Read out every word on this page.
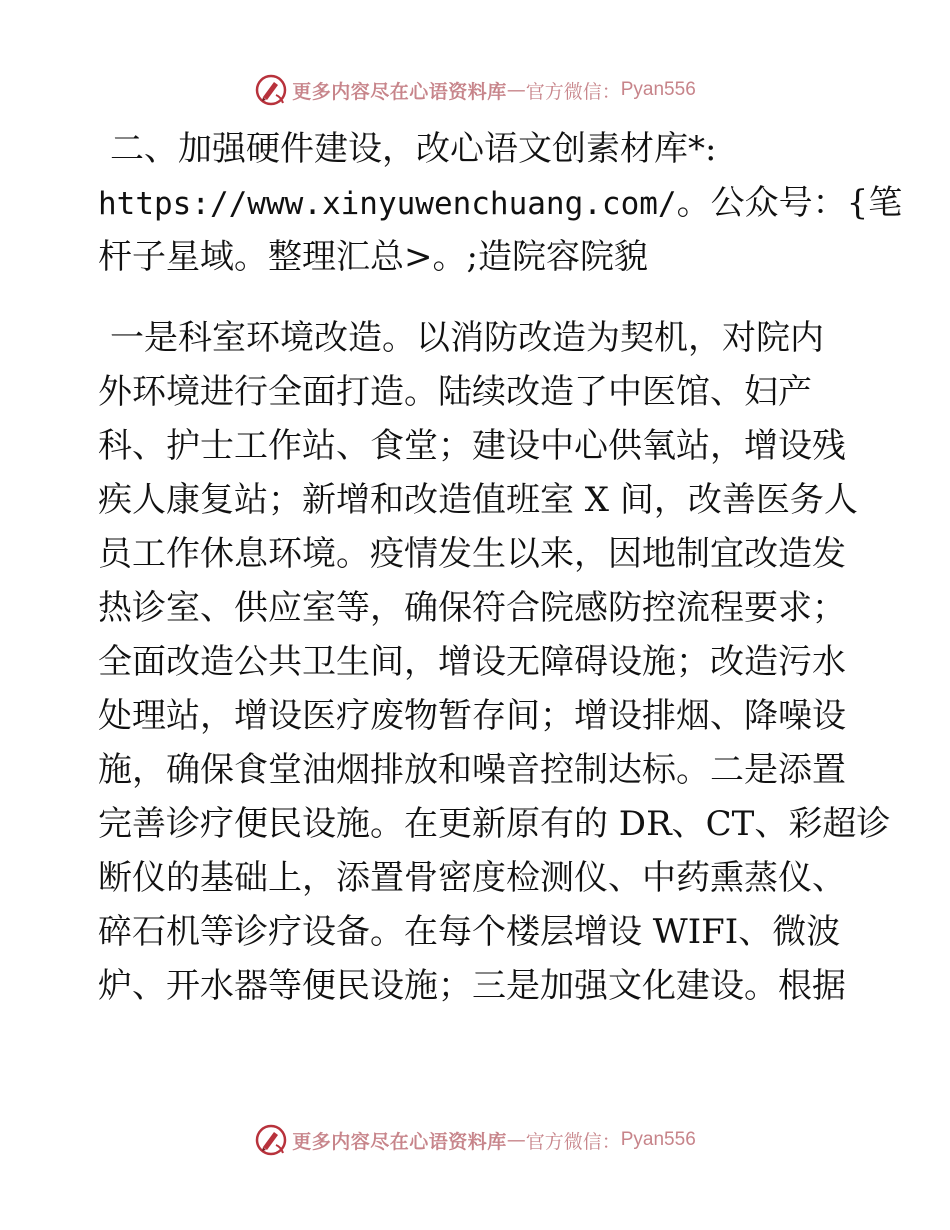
更多内容尽在心语资料库 — 官方微信： Pyan556
二、加强硬件建设，改心语文创素材库*:
https://www.xinyuwenchuang.com/。公众号：{笔
杆子星域。整理汇总>。;造院容院貌
一是科室环境改造。以消防改造为契机，对院内
外环境进行全面打造。陆续改造了中医馆、妇产
科、护士工作站、食堂；建设中心供氧站，增设残
疾人康复站；新增和改造值班室 X 间，改善医务人
员工作休息环境。疫情发生以来，因地制宜改造发
热诊室、供应室等，确保符合院感防控流程要求；
全面改造公共卫生间，增设无障碍设施；改造污水
处理站，增设医疗废物暂存间；增设排烟、降噪设
施，确保食堂油烟排放和噪音控制达标。二是添置
完善诊疗便民设施。在更新原有的 DR、CT、彩超诊
断仪的基础上，添置骨密度检测仪、中药熏蒸仪、
碎石机等诊疗设备。在每个楼层增设 WIFI、微波
炉、开水器等便民设施；三是加强文化建设。根据
更多内容尽在心语资料库 — 官方微信： Pyan556
